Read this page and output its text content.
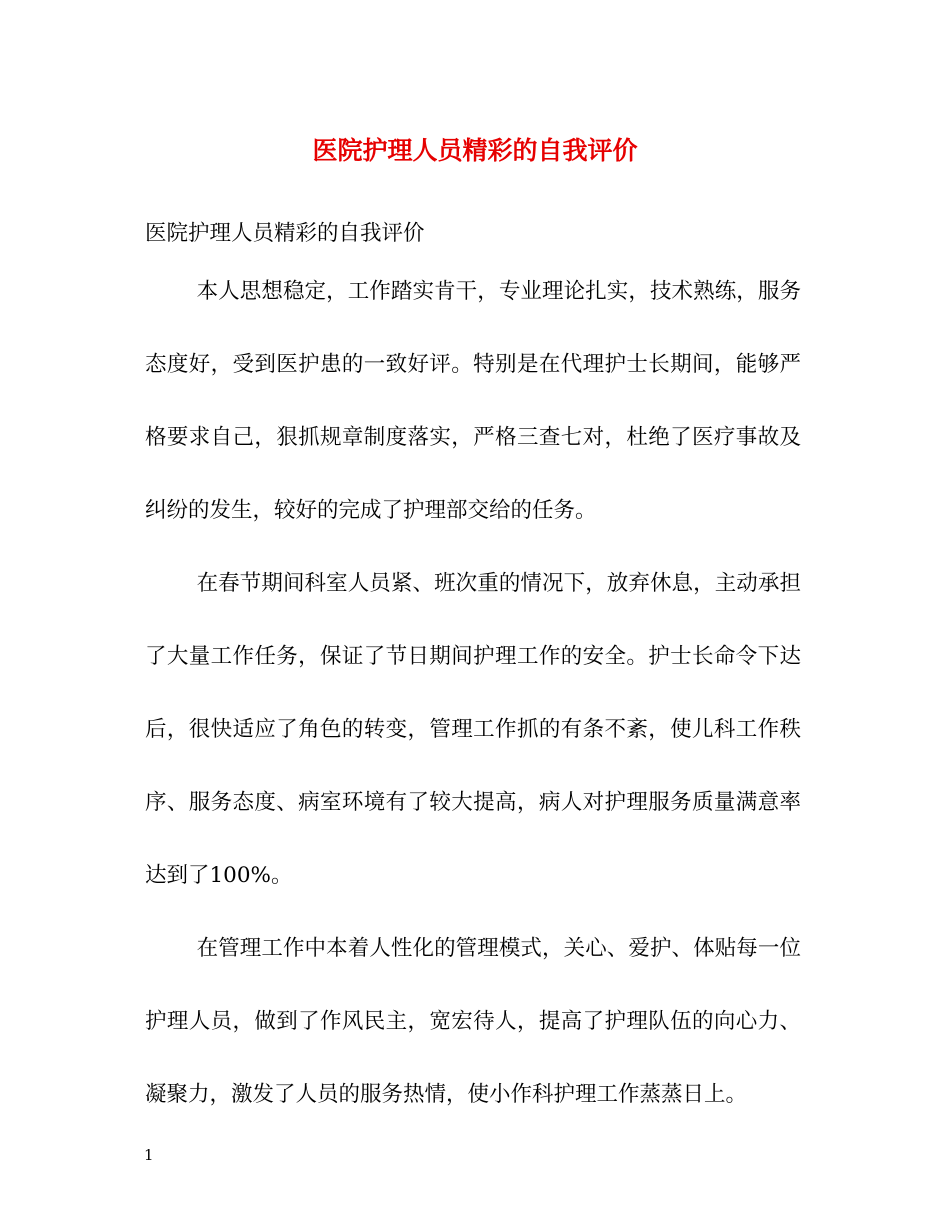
医院护理人员精彩的自我评价

医院护理人员精彩的自我评价

本人思想稳定，工作踏实肯干，专业理论扎实，技术熟练，服务态度好，受到医护患的一致好评。特别是在代理护士长期间，能够严格要求自己，狠抓规章制度落实，严格三查七对，杜绝了医疗事故及纠纷的发生，较好的完成了护理部交给的任务。

在春节期间科室人员紧、班次重的情况下，放弃休息，主动承担了大量工作任务，保证了节日期间护理工作的安全。护士长命令下达后，很快适应了角色的转变，管理工作抓的有条不紊，使儿科工作秩序、服务态度、病室环境有了较大提高，病人对护理服务质量满意率达到了100%。

在管理工作中本着人性化的管理模式，关心、爱护、体贴每一位护理人员，做到了作风民主，宽宏待人，提高了护理队伍的向心力、凝聚力，激发了人员的服务热情，使小作科护理工作蒸蒸日上。

1
